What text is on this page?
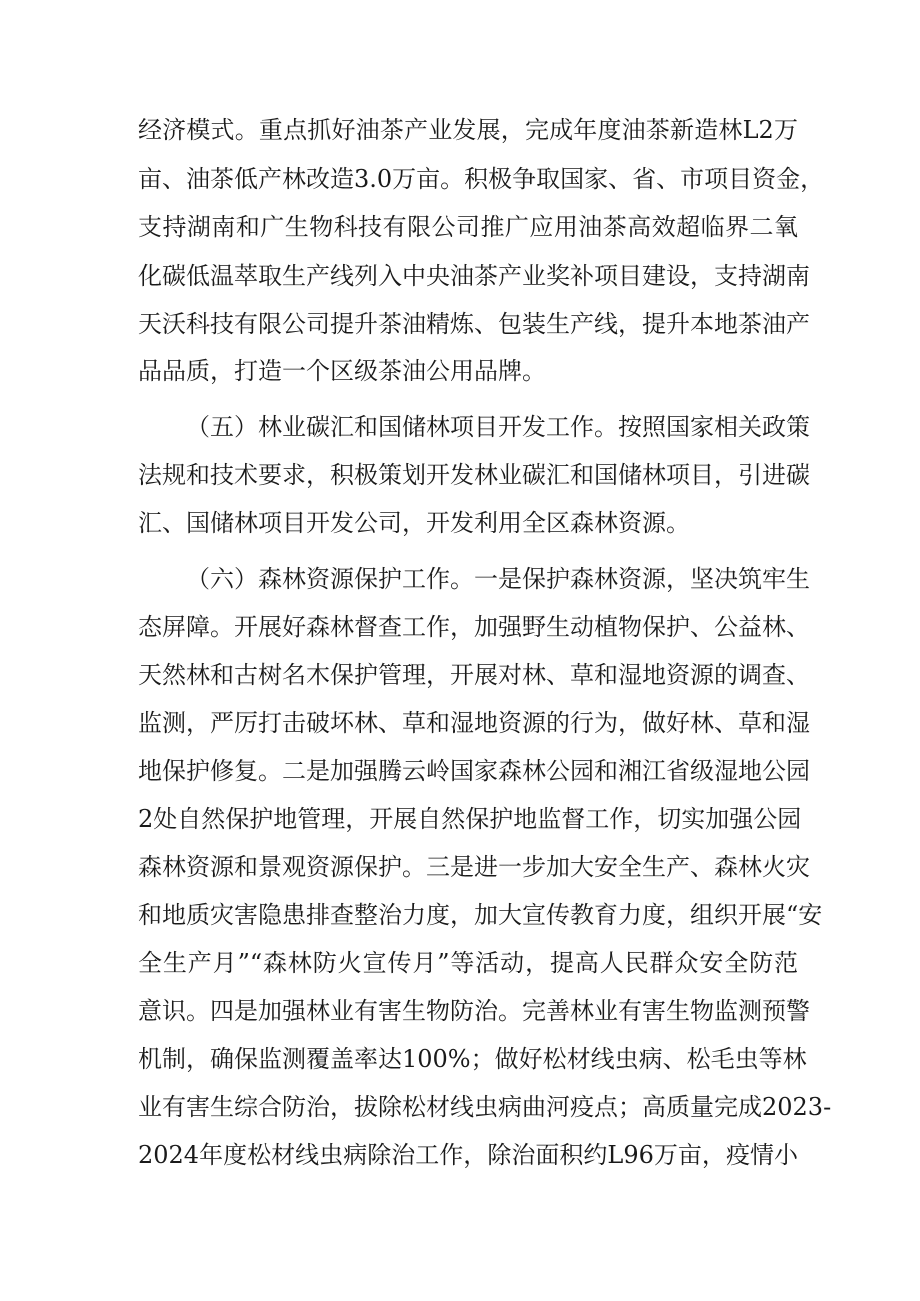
经济模式。重点抓好油茶产业发展，完成年度油茶新造林L2万
亩、油茶低产林改造3.0万亩。积极争取国家、省、市项目资金，
支持湖南和广生物科技有限公司推广应用油茶高效超临界二氧
化碳低温萃取生产线列入中央油茶产业奖补项目建设，支持湖南
天沃科技有限公司提升茶油精炼、包装生产线，提升本地茶油产
品品质，打造一个区级茶油公用品牌。
（五）林业碳汇和国储林项目开发工作。按照国家相关政策
法规和技术要求，积极策划开发林业碳汇和国储林项目，引进碳
汇、国储林项目开发公司，开发利用全区森林资源。
（六）森林资源保护工作。一是保护森林资源，坚决筑牢生
态屏障。开展好森林督查工作，加强野生动植物保护、公益林、
天然林和古树名木保护管理，开展对林、草和湿地资源的调查、
监测，严厉打击破坏林、草和湿地资源的行为，做好林、草和湿
地保护修复。二是加强腾云岭国家森林公园和湘江省级湿地公园
2处自然保护地管理，开展自然保护地监督工作，切实加强公园
森林资源和景观资源保护。三是进一步加大安全生产、森林火灾
和地质灾害隐患排查整治力度，加大宣传教育力度，组织开展“安
全生产月”“森林防火宣传月”等活动，提高人民群众安全防范
意识。四是加强林业有害生物防治。完善林业有害生物监测预警
机制，确保监测覆盖率达100%；做好松材线虫病、松毛虫等林
业有害生综合防治，拔除松材线虫病曲河疫点；高质量完成2023-
2024年度松材线虫病除治工作，除治面积约L96万亩，疫情小
